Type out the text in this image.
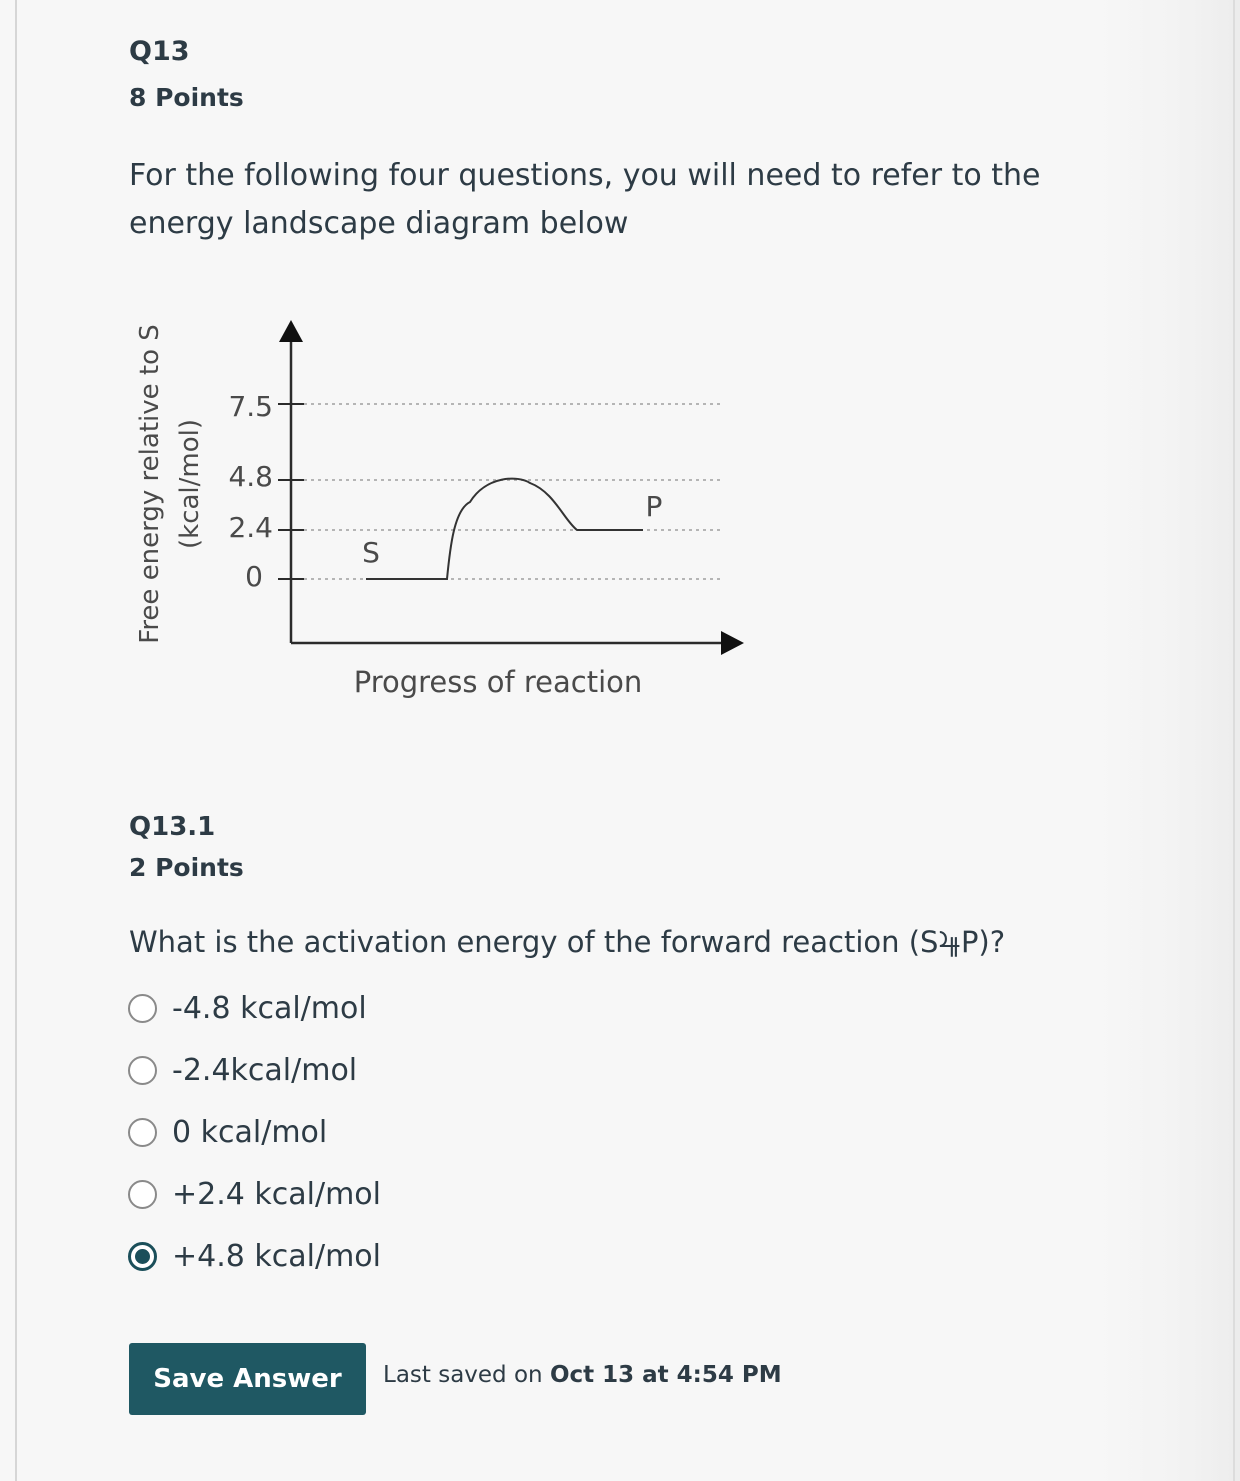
Q13
8 Points
For the following four questions, you will need to refer to the energy landscape diagram below
Free energy relative to S (kcal/mol)
7.5
4.8
2.4
0
S
P
Progress of reaction
Q13.1
2 Points
What is the activation energy of the forward reaction (S⯤P)?
-4.8 kcal/mol
-2.4kcal/mol
0 kcal/mol
+2.4 kcal/mol
+4.8 kcal/mol
Save Answer	Last saved on Oct 13 at 4:54 PM
